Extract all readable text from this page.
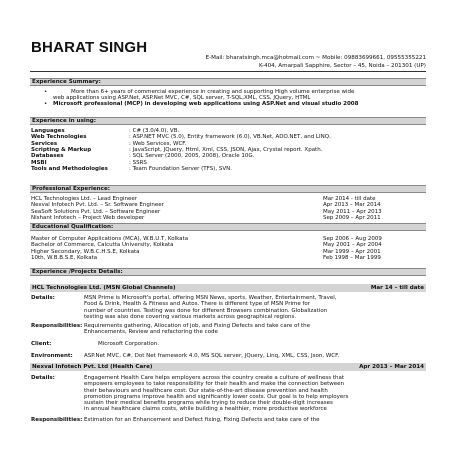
BHARAT SINGH
E-Mail: bharatsingh.mca@hotmail.com ~ Mobile: 09883699661, 09555355221
K-404, Amarpali Sapphire, Sector – 45, Noida – 201301 (UP)
Experience Summary:
•	More than 6+ years of commercial experience in creating and supporting High volume enterprise wide
web applications using ASP.Net, ASP.Net MVC, C#, SQL server, T-SQL,XML, CSS, JQuery, HTML
• Microsoft professional (MCP) in developing web applications using ASP.Net and visual studio 2008
Experience in using:
Languages	: C# (3.0/4.0), VB.
Web Technologies	: ASP.NET MVC (5.0), Entity framework (6.0), VB.Net, ADO.NET, and LINQ.
Services	: Web Services, WCF.
Scripting & Markup	: JavaScript, JQuery, Html, Xml, CSS, JSON, Ajax, Crystal report. Xpath.
Databases	: SQL Server (2000, 2005, 2008), Oracle 10G.
MSBI	: SSRS
Tools and Methodologies	: Team Foundation Server (TFS), SVN.
Professional Experience:
HCL Technologies Ltd. – Lead Engineer	Mar 2014 - till date
Nexval Infotech Pvt. Ltd. – Sr. Software Engineer	Apr 2013 – Mar 2014
SeaSoft Solutions Pvt. Ltd. – Software Engineer	May 2011 – Apr 2013
Nishant Infotech – Project Web developer	Sep 2009 – Apr 2011
Educational Qualification:
Master of Computer Applications (MCA), W.B.U.T, Kolkata	Sep 2006 – Aug 2009
Bachelor of Commerce, Calcutta University, Kolkata	May 2001 – Apr 2004
Higher Secondary, W.B.C.H.S.E, Kolkata	Mar 1999 – Apr 2001
10th, W.B.B.S.E, Kolkata	Feb 1998 – Mar 1999
Experience /Projects Details:
HCL Technologies Ltd. (MSN Global Channels)	Mar 14 – till date
Details:	MSN Prime is Microsoft's portal, offering MSN News, sports, Weather, Entertainment, Travel,
Food & Drink, Health & Fitness and Autos. There is different type of MSN Prime for
number of countries. Testing was done for different Browsers combination. Globalization
testing was also done covering various markets across geographical regions.
Responsibilities: Requirements gathering, Allocation of job, and Fixing Defects and take care of the
Enhancements, Review and refactoring the code
Client:	Microsoft Corporation.
Environment: ASP.Net MVC, C#, Dot Net framework 4.0, MS SQL server, JQuery, Linq, XML, CSS, Json, WCF.
Nexval Infotech Pvt. Ltd (Health Care)	Apr 2013 – Mar 2014
Details:	Engagement Health Care helps employers across the country create a culture of wellness that
empowers employees to take responsibility for their health and make the connection between
their behaviours and healthcare cost. Our state-of-the-art disease prevention and health
promotion programs improve health and significantly lower costs. Our goal is to help employers
sustain their medical benefits programs while trying to reduce their double-digit increases
in annual healthcare claims costs, while building a healthier, more productive workforce
Responsibilities: Estimation for an Enhancement and Defect fixing, Fixing Defects and take care of the
